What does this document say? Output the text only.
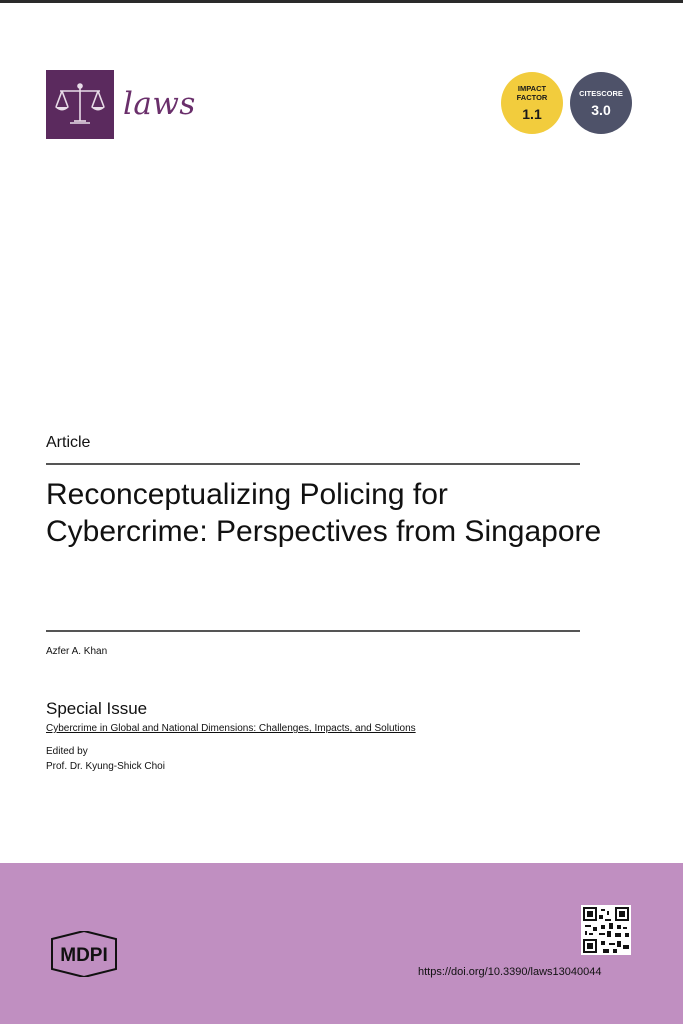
laws	IMPACT
FACTOR
1.1
CITESCORE
3.0
Article
Reconceptualizing Policing for Cybercrime: Perspectives from Singapore
Azfer A. Khan
Special Issue
Cybercrime in Global and National Dimensions: Challenges, Impacts, and Solutions
Edited by
Prof. Dr. Kyung-Shick Choi
MDPI
https://doi.org/10.3390/laws13040044
